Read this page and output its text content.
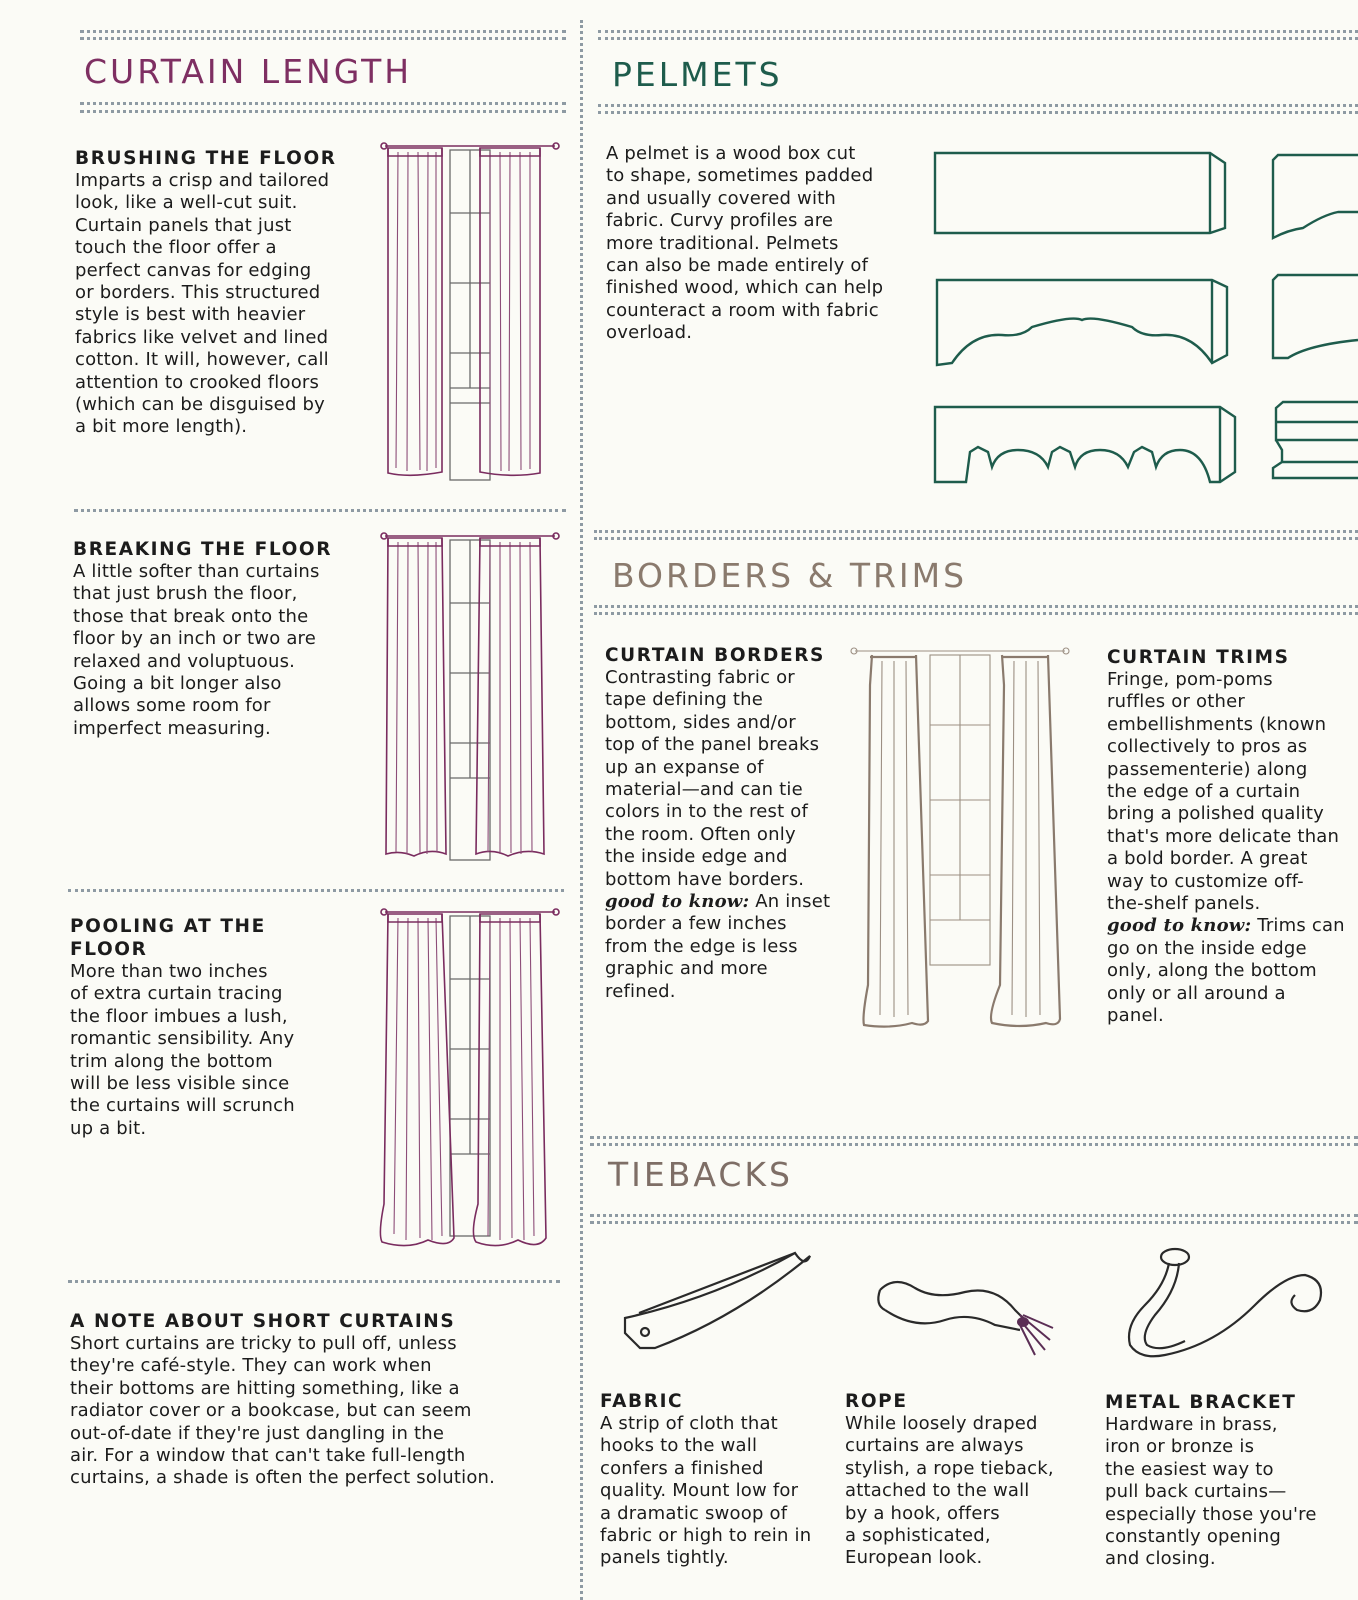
CURTAIN LENGTH

BRUSHING THE FLOOR

Imparts a crisp and tailored
look, like a well-cut suit.
Curtain panels that just
touch the floor offer a
perfect canvas for edging
or borders. This structured
style is best with heavier
fabrics like velvet and lined
cotton. It will, however, call
attention to crooked floors
(which can be disguised by
a bit more length).

BREAKING THE FLOOR

A little softer than curtains
that just brush the floor,
those that break onto the
floor by an inch or two are
relaxed and voluptuous.
Going a bit longer also
allows some room for
imperfect measuring.

POOLING AT THE

FLOOR

More than two inches
of extra curtain tracing
the floor imbues a lush,
romantic sensibility. Any
trim along the bottom
will be less visible since
the curtains will scrunch
up a bit.

A NOTE ABOUT SHORT CURTAINS

Short curtains are tricky to pull off, unless
they're café-style. They can work when
their bottoms are hitting something, like a
radiator cover or a bookcase, but can seem
out-of-date if they're just dangling in the
air. For a window that can't take full-length
curtains, a shade is often the perfect solution.
PELMETS
A pelmet is a wood box cut
to shape, sometimes padded
and usually covered with
fabric. Curvy profiles are
more traditional. Pelmets
can also be made entirely of
finished wood, which can help
counteract a room with fabric
overload.
BORDERS & TRIMS

CURTAIN BORDERS

Contrasting fabric or
tape defining the
bottom, sides and/or
top of the panel breaks
up an expanse of
material—and can tie
colors in to the rest of
the room. Often only
the inside edge and
bottom have borders.
good to know: An inset
border a few inches
from the edge is less
graphic and more
refined.

CURTAIN TRIMS

Fringe, pom-poms
ruffles or other
embellishments (known
collectively to pros as
passementerie) along
the edge of a curtain
bring a polished quality
that's more delicate than
a bold border. A great
way to customize off-
the-shelf panels.
good to know: Trims can
go on the inside edge
only, along the bottom
only or all around a
panel.
TIEBACKS

FABRIC

A strip of cloth that
hooks to the wall
confers a finished
quality. Mount low for
a dramatic swoop of
fabric or high to rein in
panels tightly.

ROPE

While loosely draped
curtains are always
stylish, a rope tieback,
attached to the wall
by a hook, offers
a sophisticated,
European look.

METAL BRACKET

Hardware in brass,
iron or bronze is
the easiest way to
pull back curtains—
especially those you're
constantly opening
and closing.
